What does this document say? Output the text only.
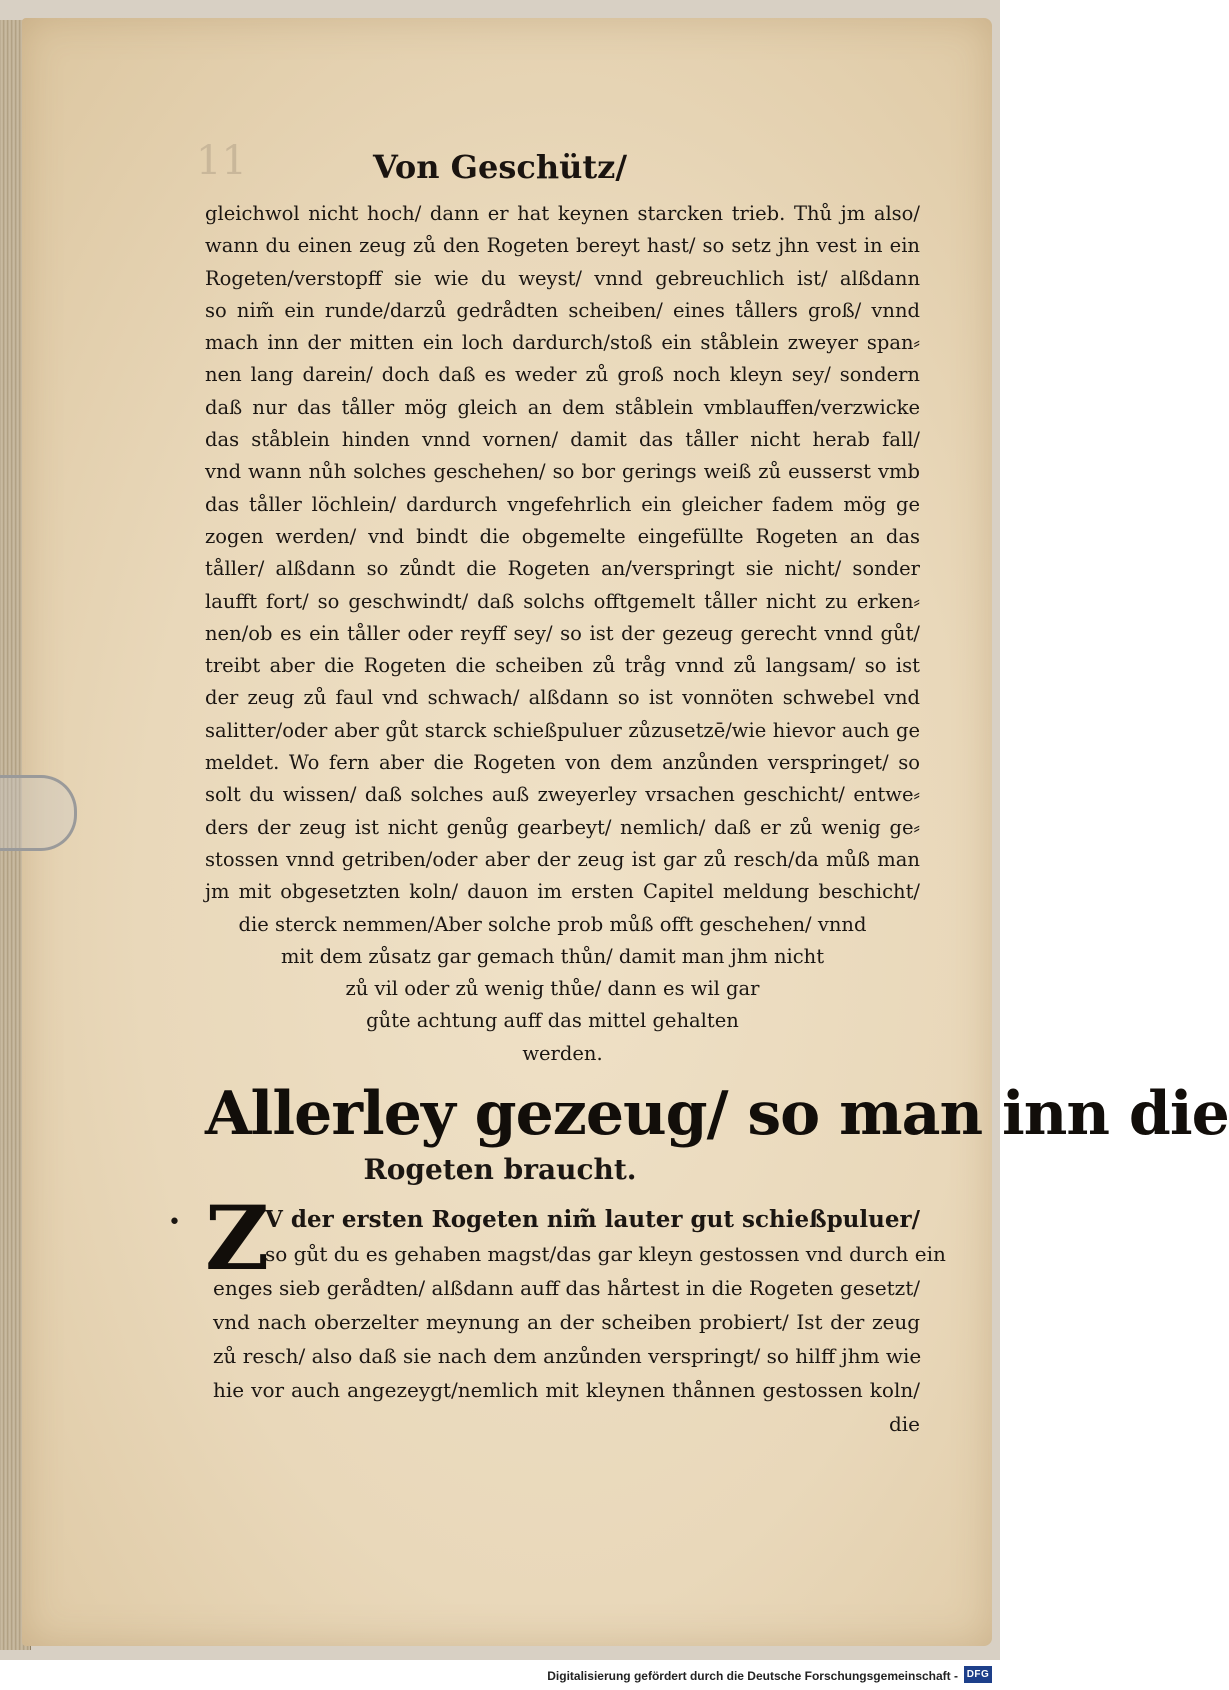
11	Von Geschütz/
gleichwol nicht hoch/ dann er hat keynen starcken trieb. Thů jm also/
wann du einen zeug zů den Rogeten bereyt hast/ so setz jhn vest in ein
Rogeten/verstopff sie wie du weyst/ vnnd gebreuchlich ist/ alßdann
so nim̃ ein runde/darzů gedrådten scheiben/ eines tållers groß/ vnnd
mach inn der mitten ein loch dardurch/stoß ein ståblein zweyer span⸗
nen lang darein/ doch daß es weder zů groß noch kleyn sey/ sondern
daß nur das tåller mög gleich an dem ståblein vmblauffen/verzwicke
das ståblein hinden vnnd vornen/ damit das tåller nicht herab fall/
vnd wann nůh solches geschehen/ so bor gerings weiß zů eusserst vmb
das tåller löchlein/ dardurch vngefehrlich ein gleicher fadem mög ge
zogen werden/ vnd bindt die obgemelte eingefüllte Rogeten an das
tåller/ alßdann so zůndt die Rogeten an/verspringt sie nicht/ sonder
laufft fort/ so geschwindt/ daß solchs offtgemelt tåller nicht zu erken⸗
nen/ob es ein tåller oder reyff sey/ so ist der gezeug gerecht vnnd gůt/
treibt aber die Rogeten die scheiben zů tråg vnnd zů langsam/ so ist
der zeug zů faul vnd schwach/ alßdann so ist vonnöten schwebel vnd
salitter/oder aber gůt starck schießpuluer zůzusetzē/wie hievor auch ge
meldet. Wo fern aber die Rogeten von dem anzůnden verspringet/ so
solt du wissen/ daß solches auß zweyerley vrsachen geschicht/ entwe⸗
ders der zeug ist nicht genůg gearbeyt/ nemlich/ daß er zů wenig ge⸗
stossen vnnd getriben/oder aber der zeug ist gar zů resch/da můß man
jm mit obgesetzten koln/ dauon im ersten Capitel meldung beschicht/
die sterck nemmen/Aber solche prob můß offt geschehen/ vnnd
mit dem zůsatz gar gemach thůn/ damit man jhm nicht
zů vil oder zů wenig thůe/ dann es wil gar
gůte achtung auff das mittel gehalten
werden.
Allerley gezeug/ so man inn die
Rogeten braucht.
• Z
V der ersten Rogeten nim̃ lauter gut schießpuluer/
so gůt du es gehaben magst/das gar kleyn gestossen vnd durch ein
enges sieb gerådten/ alßdann auff das hårtest in die Rogeten gesetzt/
vnd nach oberzelter meynung an der scheiben probiert/ Ist der zeug
zů resch/ also daß sie nach dem anzůnden verspringt/ so hilff jhm wie
hie vor auch angezeygt/nemlich mit kleynen thånnen gestossen koln/
die
Digitalisierung gefördert durch die Deutsche Forschungsgemeinschaft - DFG
